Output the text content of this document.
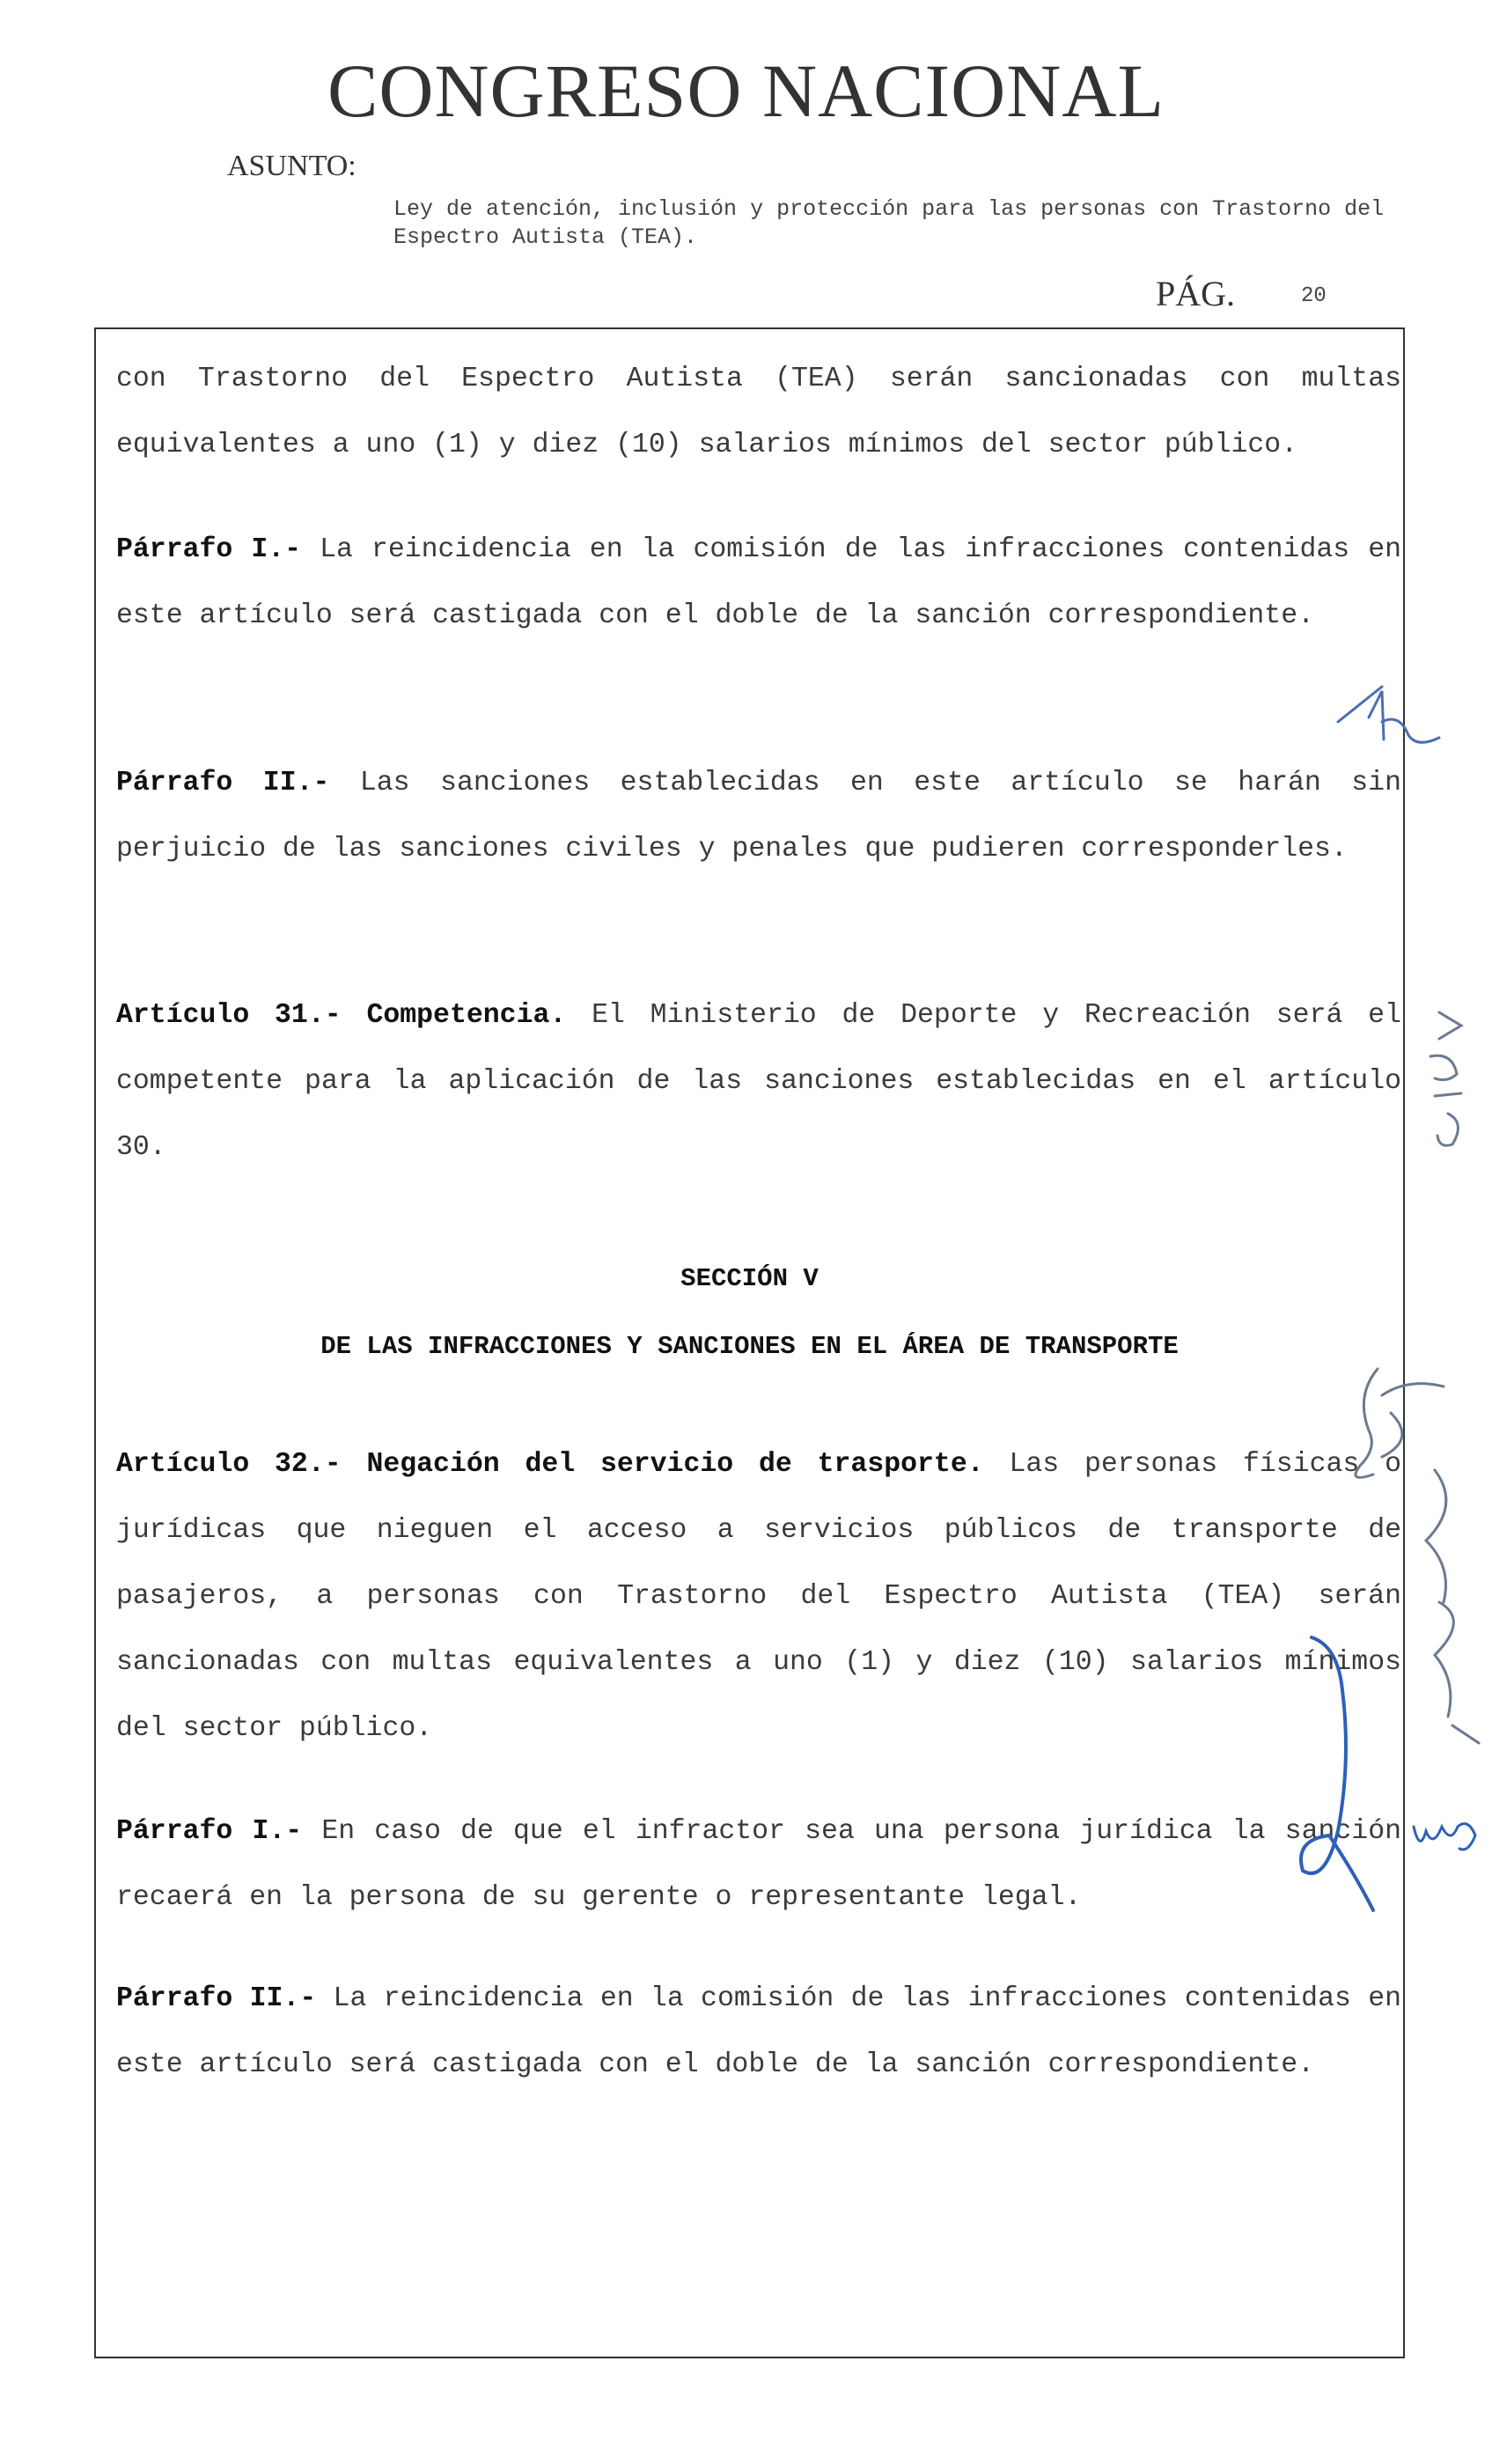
CONGRESO NACIONAL
ASUNTO:
Ley de atención, inclusión y protección para las personas con Trastorno del Espectro Autista (TEA).
PÁG.	20
con Trastorno del Espectro Autista (TEA) serán sancionadas con multas equivalentes a uno (1) y diez (10) salarios mínimos del sector público.
Párrafo I.- La reincidencia en la comisión de las infracciones contenidas en este artículo será castigada con el doble de la sanción correspondiente.
Párrafo II.- Las sanciones establecidas en este artículo se harán sin perjuicio de las sanciones civiles y penales que pudieren corresponderles.
Artículo 31.- Competencia. El Ministerio de Deporte y Recreación será el competente para la aplicación de las sanciones establecidas en el artículo 30.
SECCIÓN V
DE LAS INFRACCIONES Y SANCIONES EN EL ÁREA DE TRANSPORTE
Artículo 32.- Negación del servicio de trasporte. Las personas físicas o jurídicas que nieguen el acceso a servicios públicos de transporte de pasajeros, a personas con Trastorno del Espectro Autista (TEA) serán sancionadas con multas equivalentes a uno (1) y diez (10) salarios mínimos del sector público.
Párrafo I.- En caso de que el infractor sea una persona jurídica la sanción recaerá en la persona de su gerente o representante legal.
Párrafo II.- La reincidencia en la comisión de las infracciones contenidas en este artículo será castigada con el doble de la sanción correspondiente.
